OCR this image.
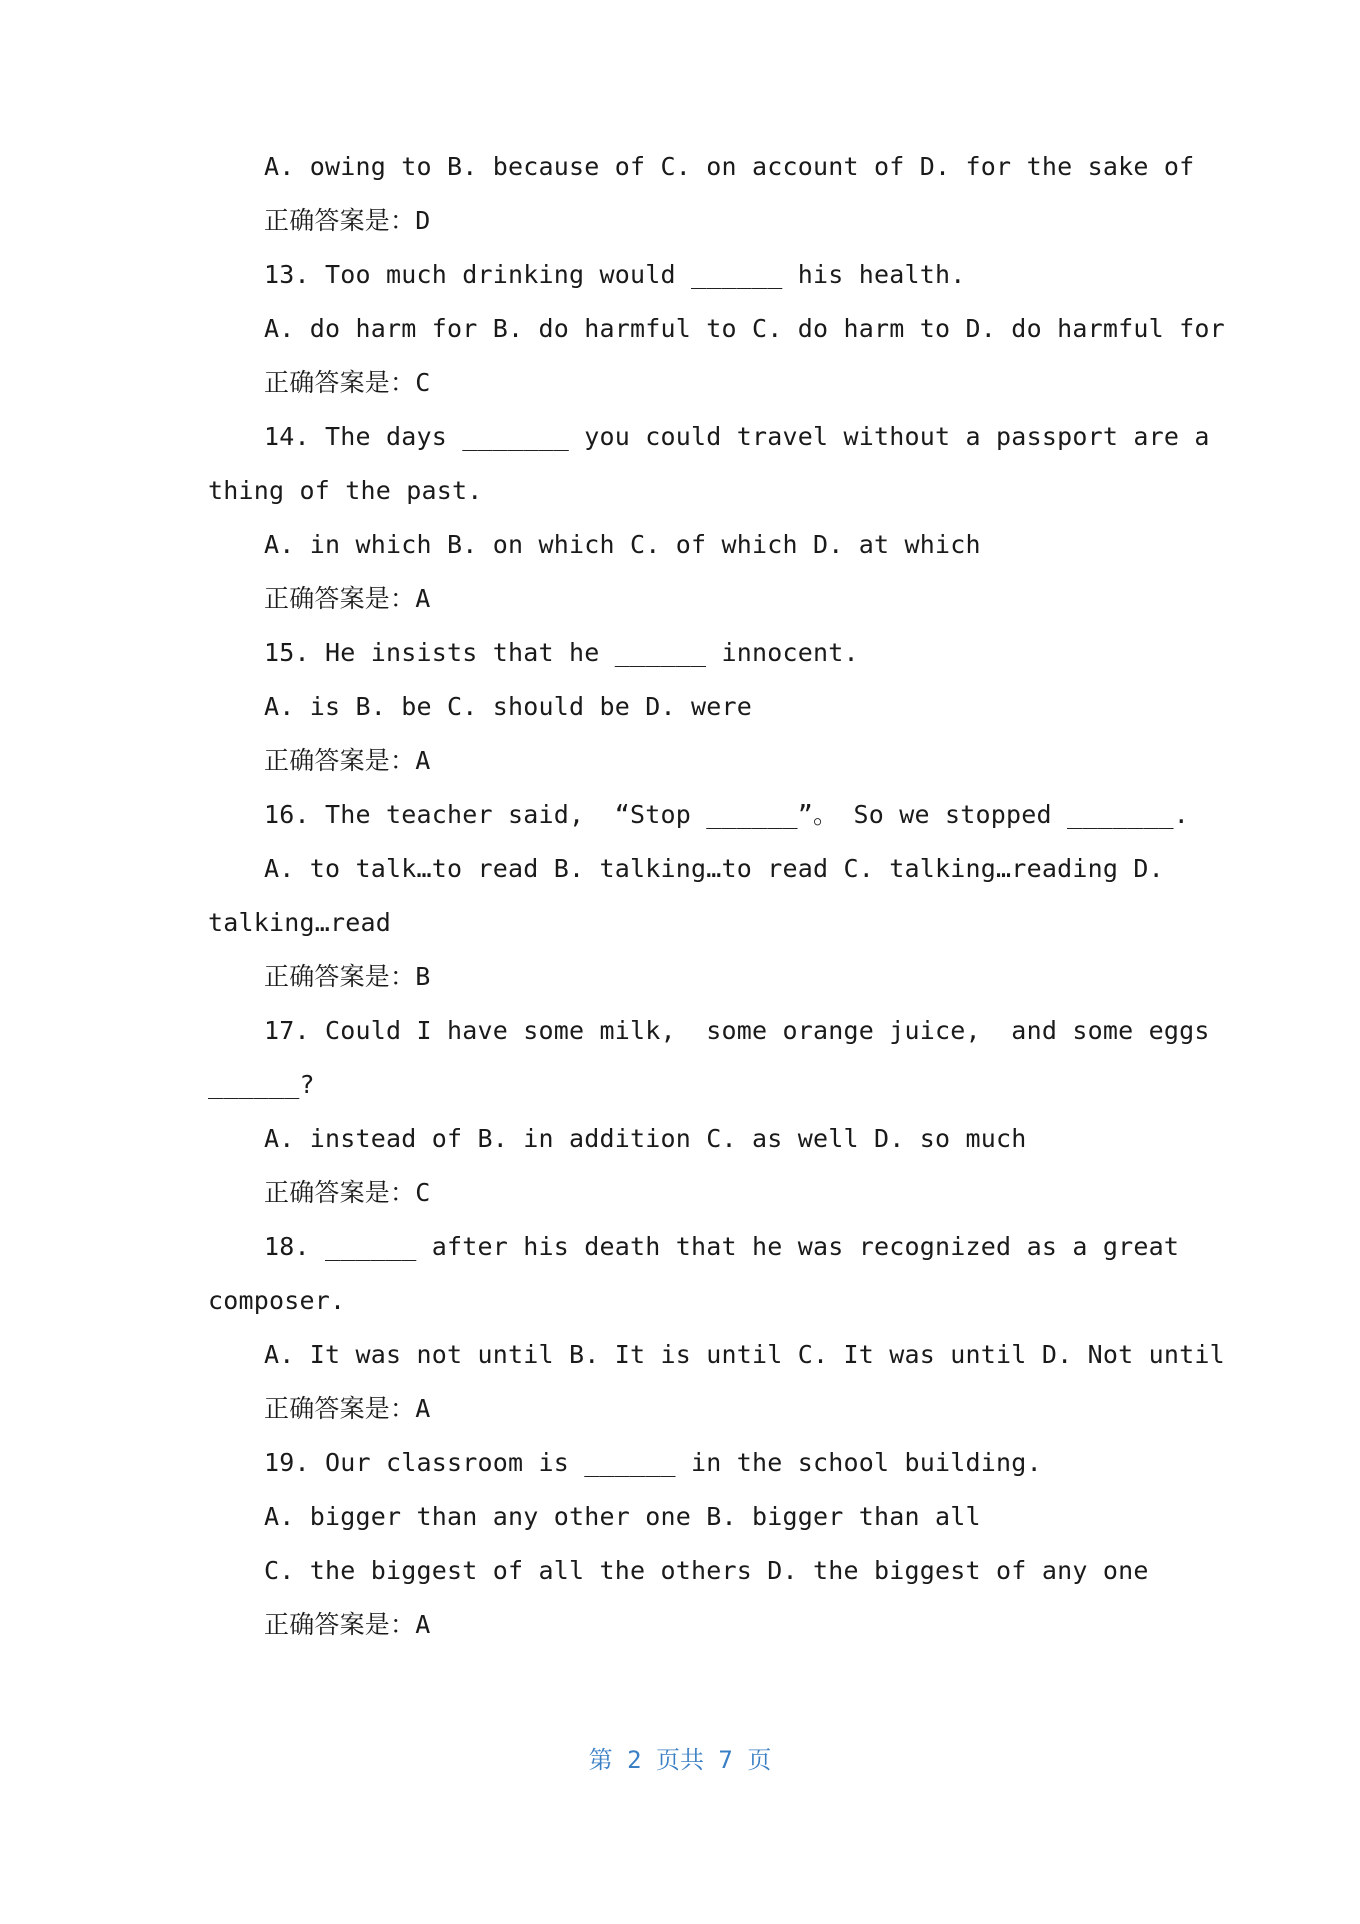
A. owing to B. because of C. on account of D. for the sake of
正确答案是：D
13. Too much drinking would ______ his health.
A. do harm for B. do harmful to C. do harm to D. do harmful for
正确答案是：C
14. The days _______ you could travel without a passport are a
thing of the past.
A. in which B. on which C. of which D. at which
正确答案是：A
15. He insists that he ______ innocent.
A. is B. be C. should be D. were
正确答案是：A
16. The teacher said,  “Stop ______”。 So we stopped _______.
A. to talk…to read B. talking…to read C. talking…reading D.
talking…read
正确答案是：B
17. Could I have some milk,  some orange juice,  and some eggs
______?
A. instead of B. in addition C. as well D. so much
正确答案是：C
18. ______ after his death that he was recognized as a great
composer.
A. It was not until B. It is until C. It was until D. Not until
正确答案是：A
19. Our classroom is ______ in the school building.
A. bigger than any other one B. bigger than all
C. the biggest of all the others D. the biggest of any one
正确答案是：A
第 2 页共 7 页
